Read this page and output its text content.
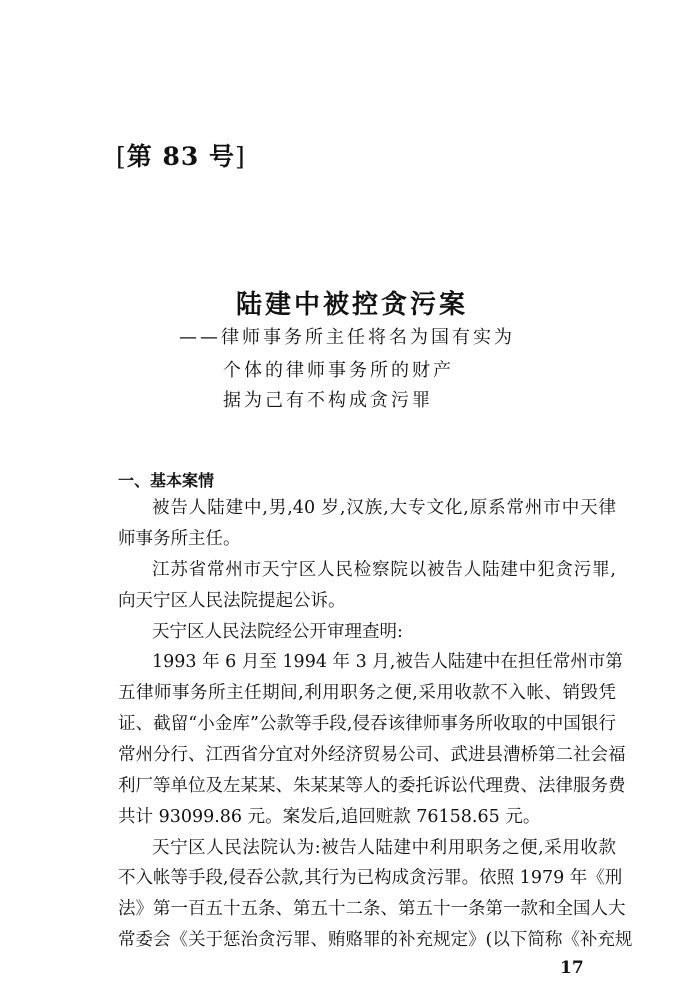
[第 83 号]
陆建中被控贪污案
——律师事务所主任将名为国有实为
个体的律师事务所的财产
据为己有不构成贪污罪
一、基本案情
被告人陆建中,男,40 岁,汉族,大专文化,原系常州市中天律
师事务所主任。
江苏省常州市天宁区人民检察院以被告人陆建中犯贪污罪,
向天宁区人民法院提起公诉。
天宁区人民法院经公开审理查明:
1993 年 6 月至 1994 年 3 月,被告人陆建中在担任常州市第
五律师事务所主任期间,利用职务之便,采用收款不入帐、销毁凭
证、截留“小金库”公款等手段,侵吞该律师事务所收取的中国银行
常州分行、江西省分宜对外经济贸易公司、武进县漕桥第二社会福
利厂等单位及左某某、朱某某等人的委托诉讼代理费、法律服务费
共计 93099.86 元。案发后,追回赃款 76158.65 元。
天宁区人民法院认为:被告人陆建中利用职务之便,采用收款
不入帐等手段,侵吞公款,其行为已构成贪污罪。依照 1979 年《刑
法》第一百五十五条、第五十二条、第五十一条第一款和全国人大
常委会《关于惩治贪污罪、贿赂罪的补充规定》(以下简称《补充规
17
